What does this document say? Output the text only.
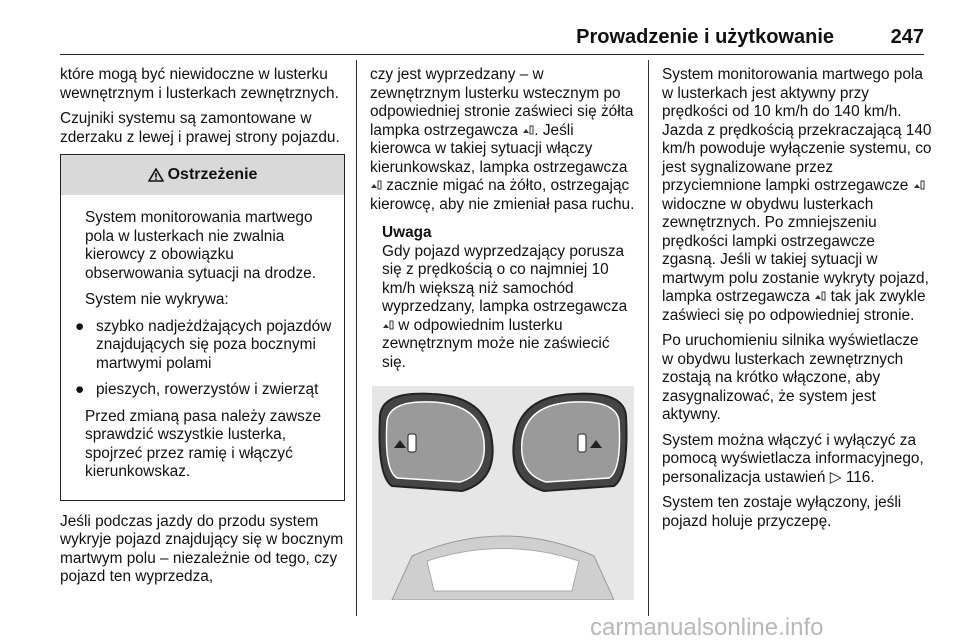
Prowadzenie i użytkowanie	247

które mogą być niewidoczne w lusterku wewnętrznym i lusterkach zewnętrznych.

Czujniki systemu są zamontowane w zderzaku z lewej i prawej strony pojazdu.

Ostrzeżenie

System monitorowania martwego pola w lusterkach nie zwalnia kierowcy z obowiązku obserwowania sytuacji na drodze.

System nie wykrywa:

● szybko nadjeżdżających pojazdów znajdujących się poza bocznymi martwymi polami
● pieszych, rowerzystów i zwierząt

Przed zmianą pasa należy zawsze sprawdzić wszystkie lusterka, spojrzeć przez ramię i włączyć kierunkowskaz.

Jeśli podczas jazdy do przodu system wykryje pojazd znajdujący się w bocznym martwym polu – niezależnie od tego, czy pojazd ten wyprzedza,

czy jest wyprzedzany – w zewnętrznym lusterku wstecznym po odpowiedniej stronie zaświeci się żółta lampka ostrzegawcza . Jeśli kierowca w takiej sytuacji włączy kierunkowskaz, lampka ostrzegawcza  zacznie migać na żółto, ostrzegając kierowcę, aby nie zmieniał pasa ruchu.

Uwaga
Gdy pojazd wyprzedzający porusza się z prędkością o co najmniej 10 km/h większą niż samochód wyprzedzany, lampka ostrzegawcza  w odpowiednim lusterku zewnętrznym może nie zaświecić się.

System monitorowania martwego pola w lusterkach jest aktywny przy prędkości od 10 km/h do 140 km/h. Jazda z prędkością przekraczającą 140 km/h powoduje wyłączenie systemu, co jest sygnalizowane przez przyciemnione lampki ostrzegawcze  widoczne w obydwu lusterkach zewnętrznych. Po zmniejszeniu prędkości lampki ostrzegawcze zgasną. Jeśli w takiej sytuacji w martwym polu zostanie wykryty pojazd, lampka ostrzegawcza tak jak zwykle zaświeci się po odpowiedniej stronie.

Po uruchomieniu silnika wyświetlacze w obydwu lusterkach zewnętrznych zostają na krótko włączone, aby zasygnalizować, że system jest aktywny.

System można włączyć i wyłączyć za pomocą wyświetlacza informacyjnego, personalizacja ustawień ▷ 116.

System ten zostaje wyłączony, jeśli pojazd holuje przyczepę.

carmanualsonline.info
